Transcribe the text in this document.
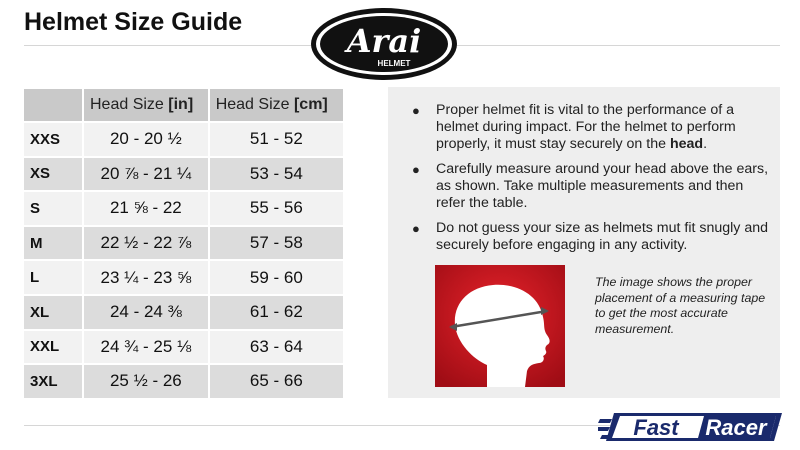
Helmet Size Guide	Arai
HELMET
	Head Size [in]	Head Size [cm]
XXS	20 - 20 ½	51 - 52
XS	20 ⅞ - 21 ¼	53 - 54
S	21 ⅝ - 22	55 - 56
M	22 ½ - 22 ⅞	57 - 58
L	23 ¼ - 23 ⅝	59 - 60
XL	24 - 24 ⅜	61 - 62
XXL	24 ¾ - 25 ⅛	63 - 64
3XL	25 ½ - 26	65 - 66
● Proper helmet fit is vital to the performance of a helmet during impact. For the helmet to perform properly, it must stay securely on the head.
● Carefully measure around your head above the ears, as shown. Take multiple measurements and then refer the table.
● Do not guess your size as helmets mut fit snugly and securely before engaging in any activity.
The image shows the proper placement of a measuring tape to get the most accurate measurement.
Fast Racer
